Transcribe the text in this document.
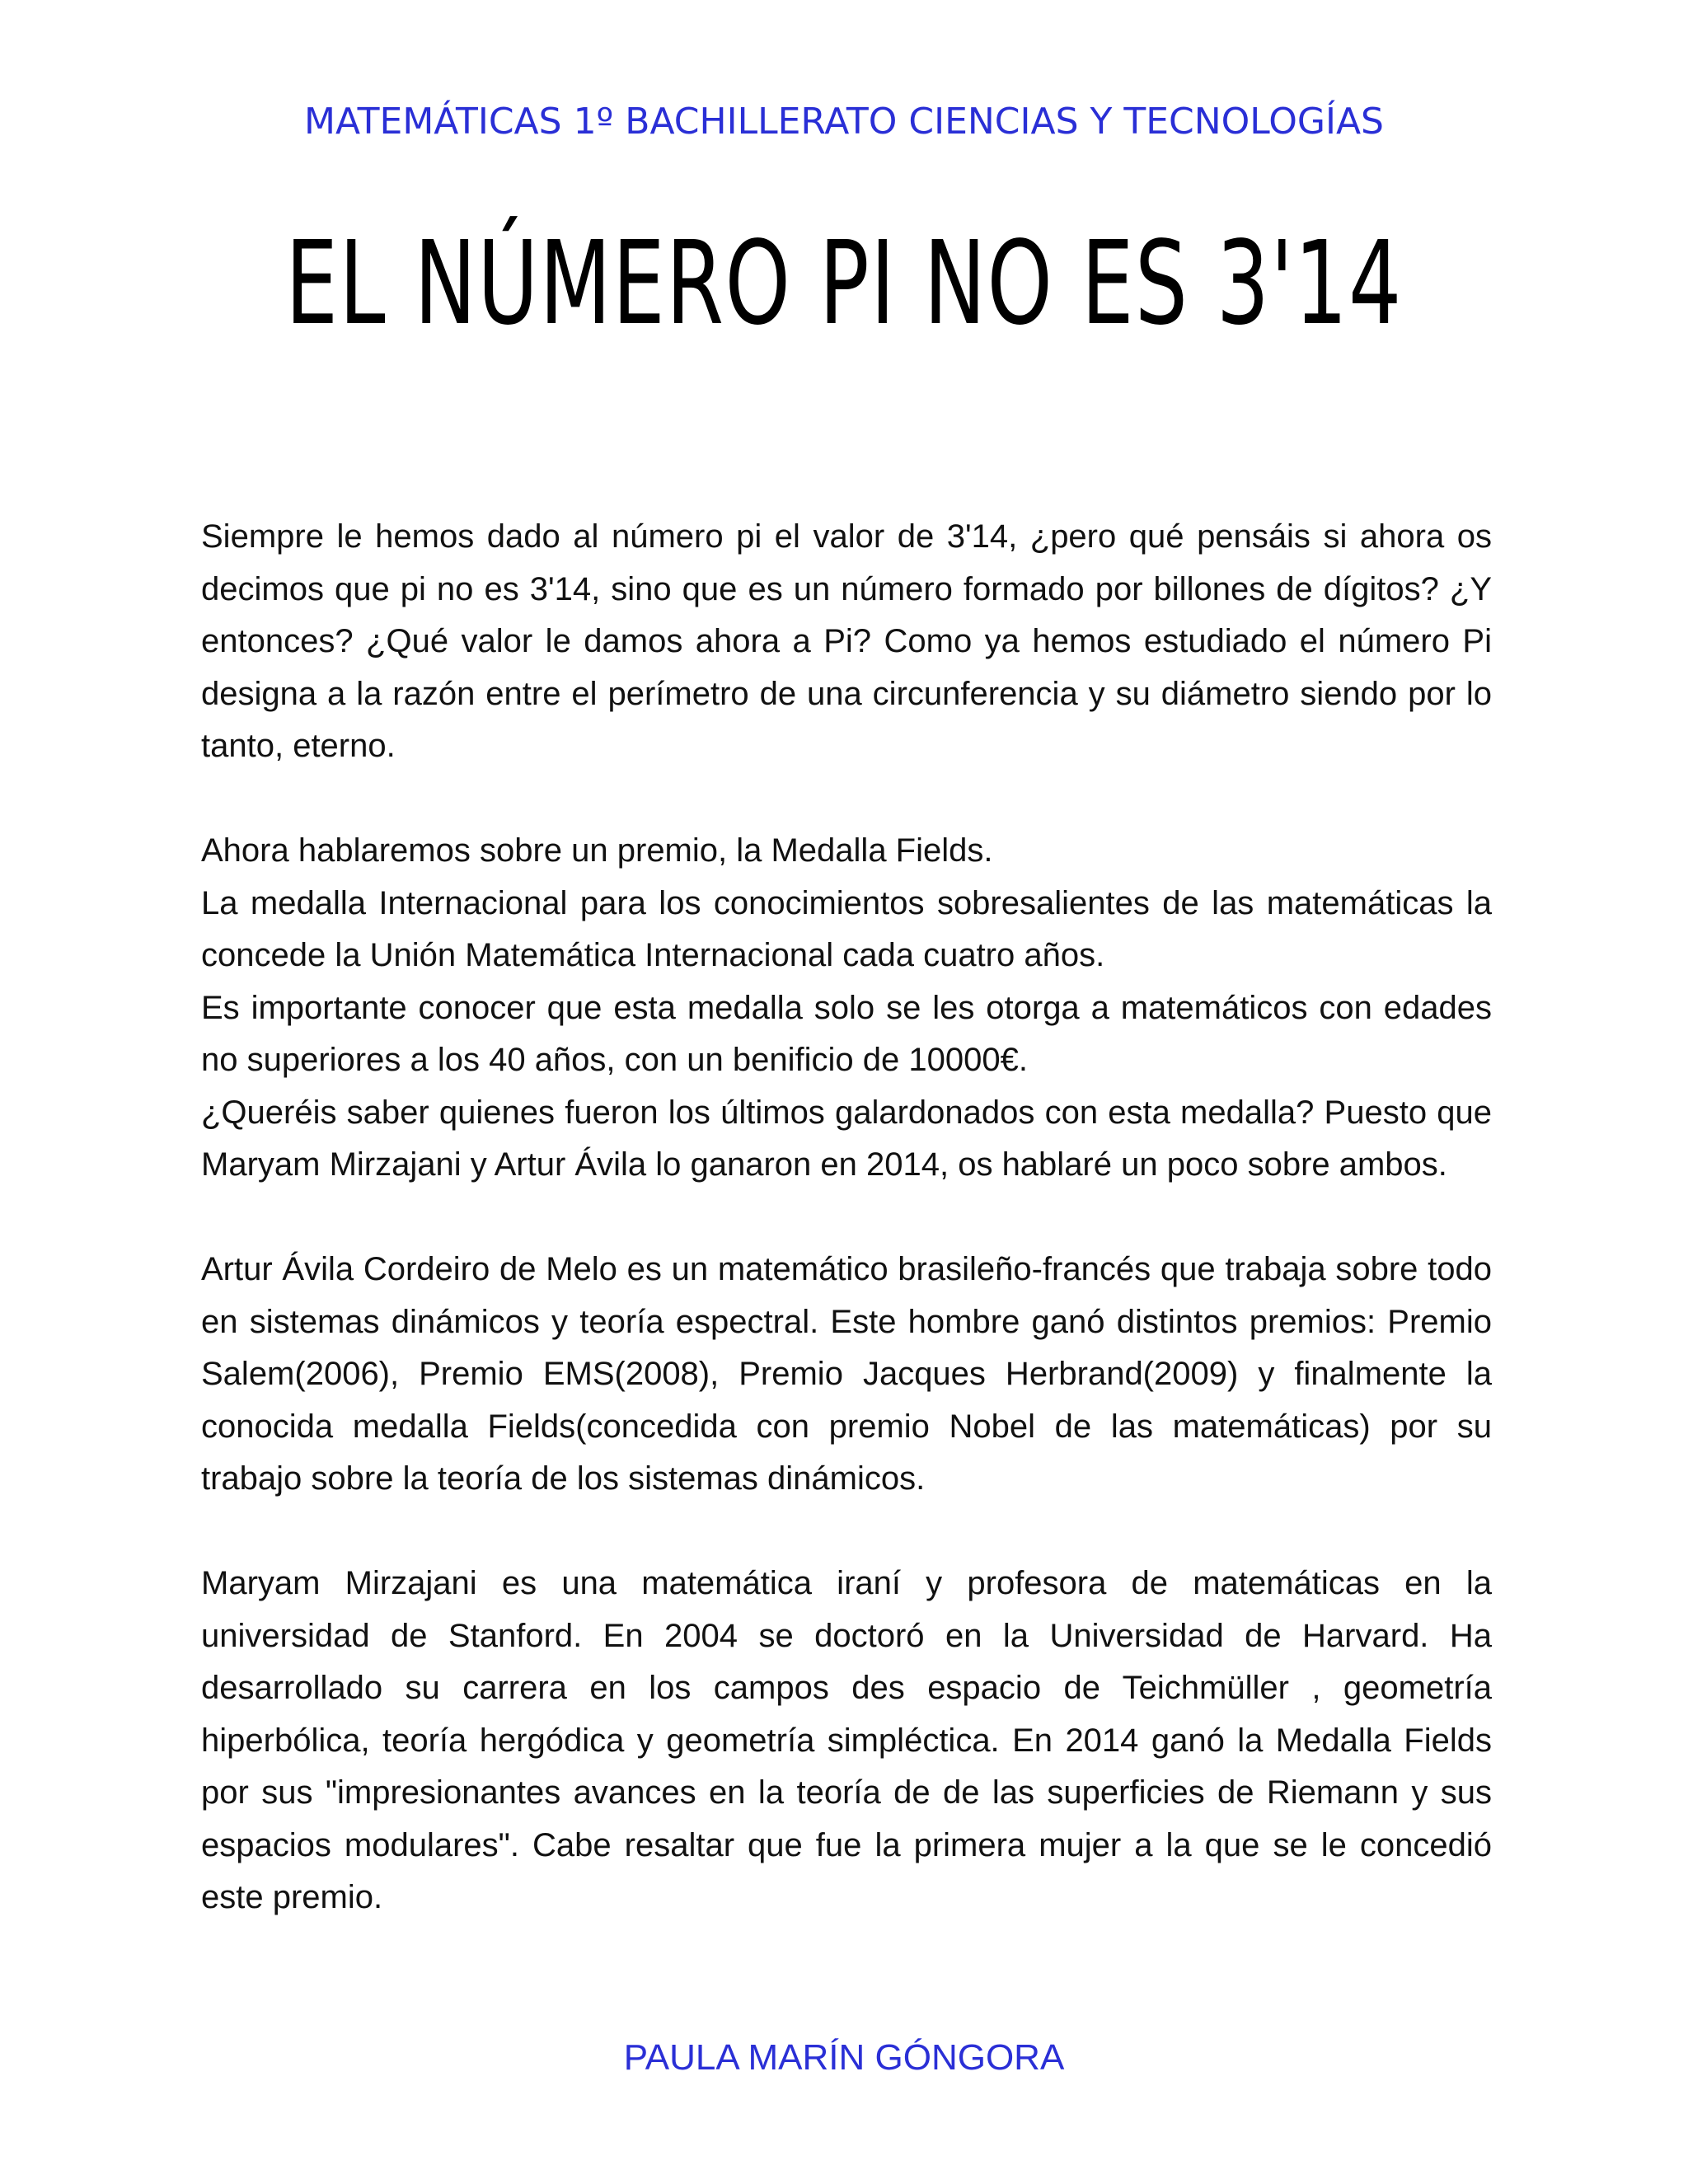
MATEMÁTICAS 1º BACHILLERATO CIENCIAS Y TECNOLOGÍAS
EL NÚMERO PI NO ES 3'14

Siempre le hemos dado al número pi el valor de 3'14, ¿pero qué pensáis si ahora os decimos que pi no es 3'14, sino que es un número formado por billones de dígitos? ¿Y entonces? ¿Qué valor le damos ahora a Pi? Como ya hemos estudiado el número Pi designa a la razón entre el perímetro de una circunferencia y su diámetro siendo por lo tanto, eterno.

Ahora hablaremos sobre un premio, la Medalla Fields.

La medalla Internacional para los conocimientos sobresalientes de las matemáticas la concede la Unión Matemática Internacional cada cuatro años.

Es importante conocer que esta medalla solo se les otorga a matemáticos con edades no superiores a los 40 años, con un benificio de 10000€.

¿Queréis saber quienes fueron los últimos galardonados con esta medalla? Puesto que Maryam Mirzajani y Artur Ávila lo ganaron en 2014, os hablaré un poco sobre ambos.

Artur Ávila Cordeiro de Melo es un matemático brasileño-francés que trabaja sobre todo en sistemas dinámicos y teoría espectral. Este hombre ganó distintos premios: Premio Salem(2006), Premio EMS(2008), Premio Jacques Herbrand(2009) y finalmente la conocida medalla Fields(concedida con premio Nobel de las matemáticas) por su trabajo sobre la teoría de los sistemas dinámicos.

Maryam Mirzajani es una matemática iraní y profesora de matemáticas en la universidad de Stanford. En 2004 se doctoró en la Universidad de Harvard. Ha desarrollado su carrera en los campos des espacio de Teichmüller , geometría hiperbólica, teoría hergódica y geometría simpléctica. En 2014 ganó la Medalla Fields por sus "impresionantes avances en la teoría de de las superficies de Riemann y sus espacios modulares". Cabe resaltar que fue la primera mujer a la que se le concedió este premio.

PAULA MARÍN GÓNGORA
